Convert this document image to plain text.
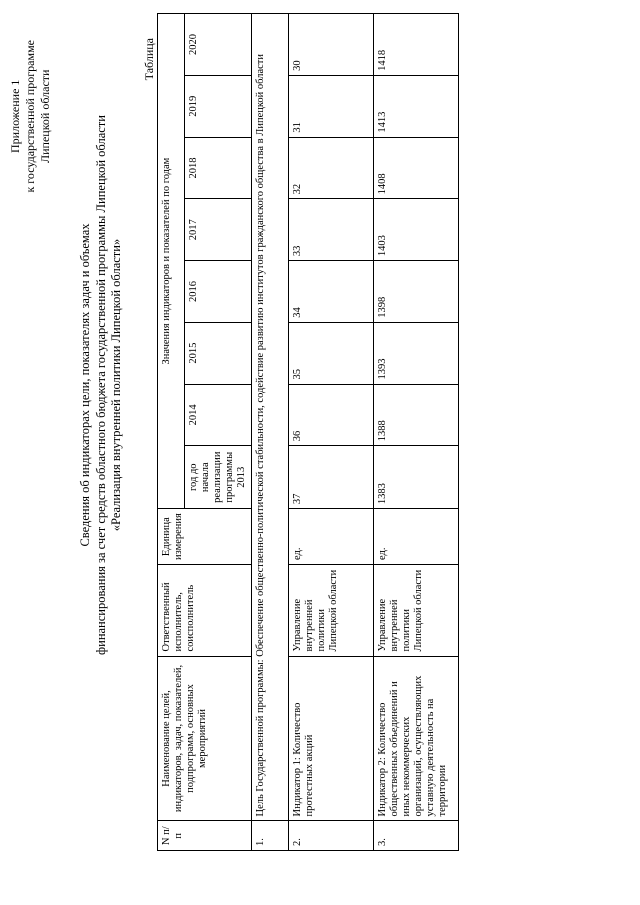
Приложение 1 к государственной программе Липецкой области
Сведения об индикаторах цели, показателях задач и объемах финансирования за счет средств областного бюджета государственной программы Липецкой области «Реализация внутренней политики Липецкой области»
Таблица
N п/п	Наименование целей, индикаторов, задач, показателей, подпрограмм, основных мероприятий	Ответственный исполнитель, соисполнитель	Единица измерения	Значения индикаторов и показателей по годам							
				год до начала реализации программы 2013	2014	2015	2016	2017	2018	2019	2020
1.	Цель Государственной программы: Обеспечение общественно-политической стабильности, содействие развитию институтов гражданского общества в Липецкой области										
2.	Индикатор 1: Количество протестных акций	Управление внутренней политики Липецкой области	ед.	37	36	35	34	33	32	31	30
3.	Индикатор 2: Количество общественных объединений и иных некоммерческих организаций, осуществляющих уставную деятельность на территории	Управление внутренней политики Липецкой области	ед.	1383	1388	1393	1398	1403	1408	1413	1418
